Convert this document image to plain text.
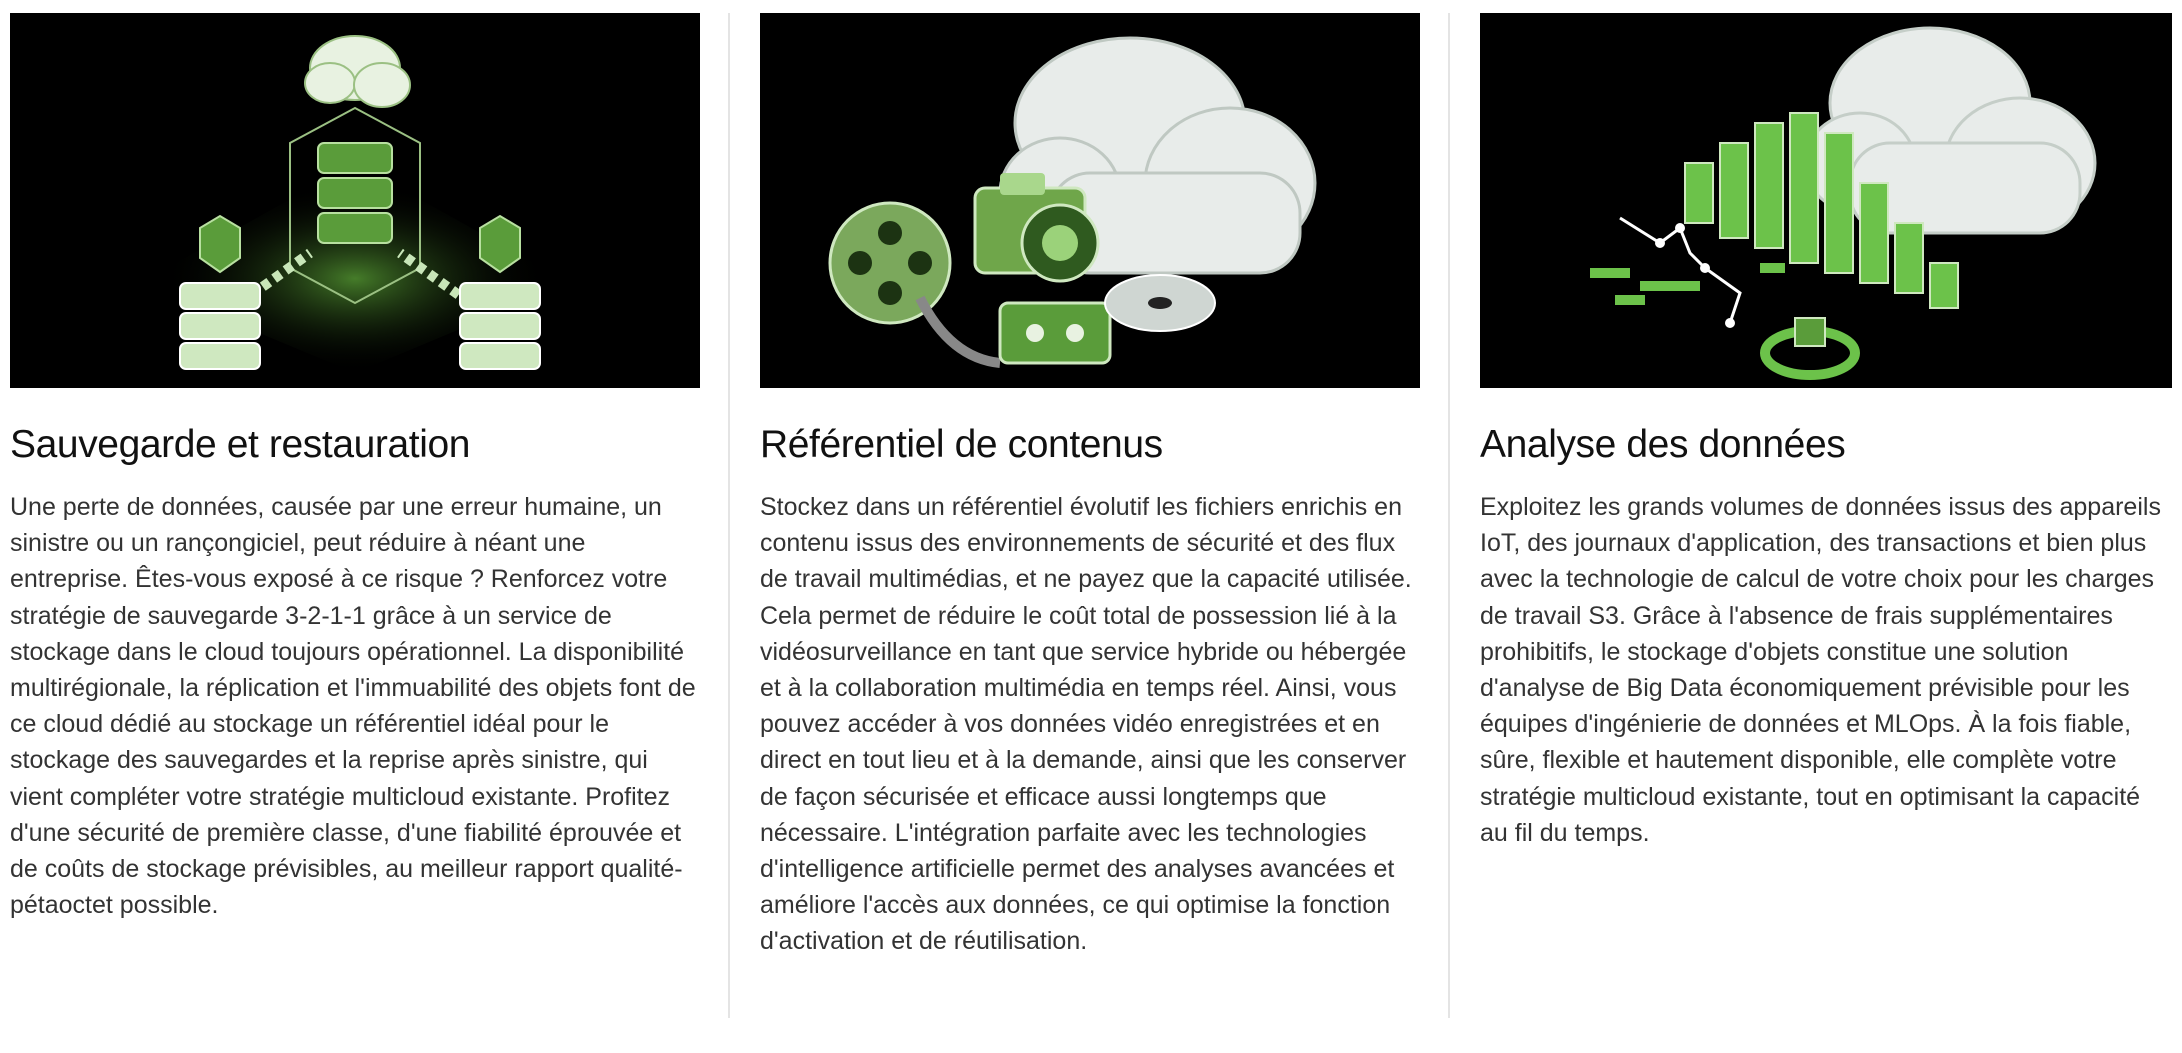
Sauvegarde et restauration

Une perte de données, causée par une erreur humaine, un sinistre ou un rançongiciel, peut réduire à néant une entreprise. Êtes-vous exposé à ce risque ? Renforcez votre stratégie de sauvegarde 3-2-1-1 grâce à un service de stockage dans le cloud toujours opérationnel. La disponibilité multirégionale, la réplication et l'immuabilité des objets font de ce cloud dédié au stockage un référentiel idéal pour le stockage des sauvegardes et la reprise après sinistre, qui vient compléter votre stratégie multicloud existante. Profitez d'une sécurité de première classe, d'une fiabilité éprouvée et de coûts de stockage prévisibles, au meilleur rapport qualité-pétaoctet possible.

Référentiel de contenus

Stockez dans un référentiel évolutif les fichiers enrichis en contenu issus des environnements de sécurité et des flux de travail multimédias, et ne payez que la capacité utilisée. Cela permet de réduire le coût total de possession lié à la vidéosurveillance en tant que service hybride ou hébergée et à la collaboration multimédia en temps réel. Ainsi, vous pouvez accéder à vos données vidéo enregistrées et en direct en tout lieu et à la demande, ainsi que les conserver de façon sécurisée et efficace aussi longtemps que nécessaire. L'intégration parfaite avec les technologies d'intelligence artificielle permet des analyses avancées et améliore l'accès aux données, ce qui optimise la fonction d'activation et de réutilisation.

Analyse des données

Exploitez les grands volumes de données issus des appareils IoT, des journaux d'application, des transactions et bien plus avec la technologie de calcul de votre choix pour les charges de travail S3. Grâce à l'absence de frais supplémentaires prohibitifs, le stockage d'objets constitue une solution d'analyse de Big Data économiquement prévisible pour les équipes d'ingénierie de données et MLOps. À la fois fiable, sûre, flexible et hautement disponible, elle complète votre stratégie multicloud existante, tout en optimisant la capacité au fil du temps.
